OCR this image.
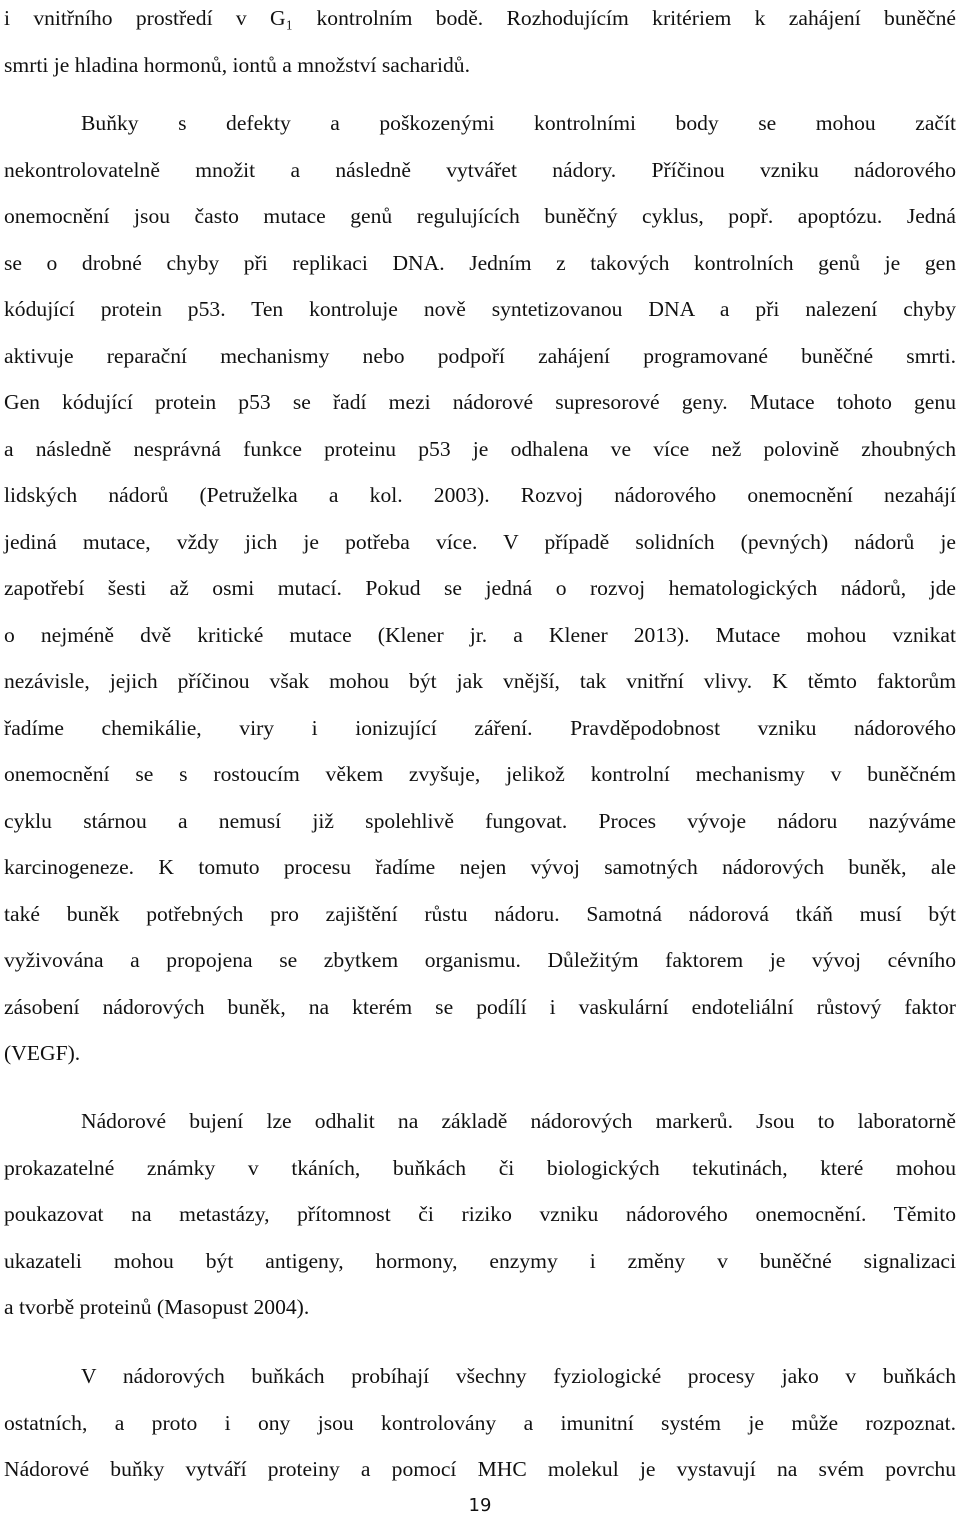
i vnitřního prostředí v G₁ kontrolním bodě. Rozhodujícím kritériem k zahájení buněčné
smrti je hladina hormonů, iontů a množství sacharidů.
Buňky s defekty a poškozenými kontrolními body se mohou začít
nekontrolovatelně množit a následně vytvářet nádory. Příčinou vzniku nádorového
onemocnění jsou často mutace genů regulujících buněčný cyklus, popř. apoptózu. Jedná
se o drobné chyby při replikaci DNA. Jedním z takových kontrolních genů je gen
kódující protein p53. Ten kontroluje nově syntetizovanou DNA a při nalezení chyby
aktivuje reparační mechanismy nebo podpoří zahájení programované buněčné smrti.
Gen kódující protein p53 se řadí mezi nádorové supresorové geny. Mutace tohoto genu
a následně nesprávná funkce proteinu p53 je odhalena ve více než polovině zhoubných
lidských nádorů (Petruželka a kol. 2003). Rozvoj nádorového onemocnění nezahájí
jediná mutace, vždy jich je potřeba více. V případě solidních (pevných) nádorů je
zapotřebí šesti až osmi mutací. Pokud se jedná o rozvoj hematologických nádorů, jde
o nejméně dvě kritické mutace (Klener jr. a Klener 2013). Mutace mohou vznikat
nezávisle, jejich příčinou však mohou být jak vnější, tak vnitřní vlivy. K těmto faktorům
řadíme chemikálie, viry i ionizující záření. Pravděpodobnost vzniku nádorového
onemocnění se s rostoucím věkem zvyšuje, jelikož kontrolní mechanismy v buněčném
cyklu stárnou a nemusí již spolehlivě fungovat. Proces vývoje nádoru nazýváme
karcinogeneze. K tomuto procesu řadíme nejen vývoj samotných nádorových buněk, ale
také buněk potřebných pro zajištění růstu nádoru. Samotná nádorová tkáň musí být
vyživována a propojena se zbytkem organismu. Důležitým faktorem je vývoj cévního
zásobení nádorových buněk, na kterém se podílí i vaskulární endoteliální růstový faktor
(VEGF).
Nádorové bujení lze odhalit na základě nádorových markerů. Jsou to laboratorně
prokazatelné známky v tkáních, buňkách či biologických tekutinách, které mohou
poukazovat na metastázy, přítomnost či riziko vzniku nádorového onemocnění. Těmito
ukazateli mohou být antigeny, hormony, enzymy i změny v buněčné signalizaci
a tvorbě proteinů (Masopust 2004).
V nádorových buňkách probíhají všechny fyziologické procesy jako v buňkách
ostatních, a proto i ony jsou kontrolovány a imunitní systém je může rozpoznat.
Nádorové buňky vytváří proteiny a pomocí MHC molekul je vystavují na svém povrchu
19
